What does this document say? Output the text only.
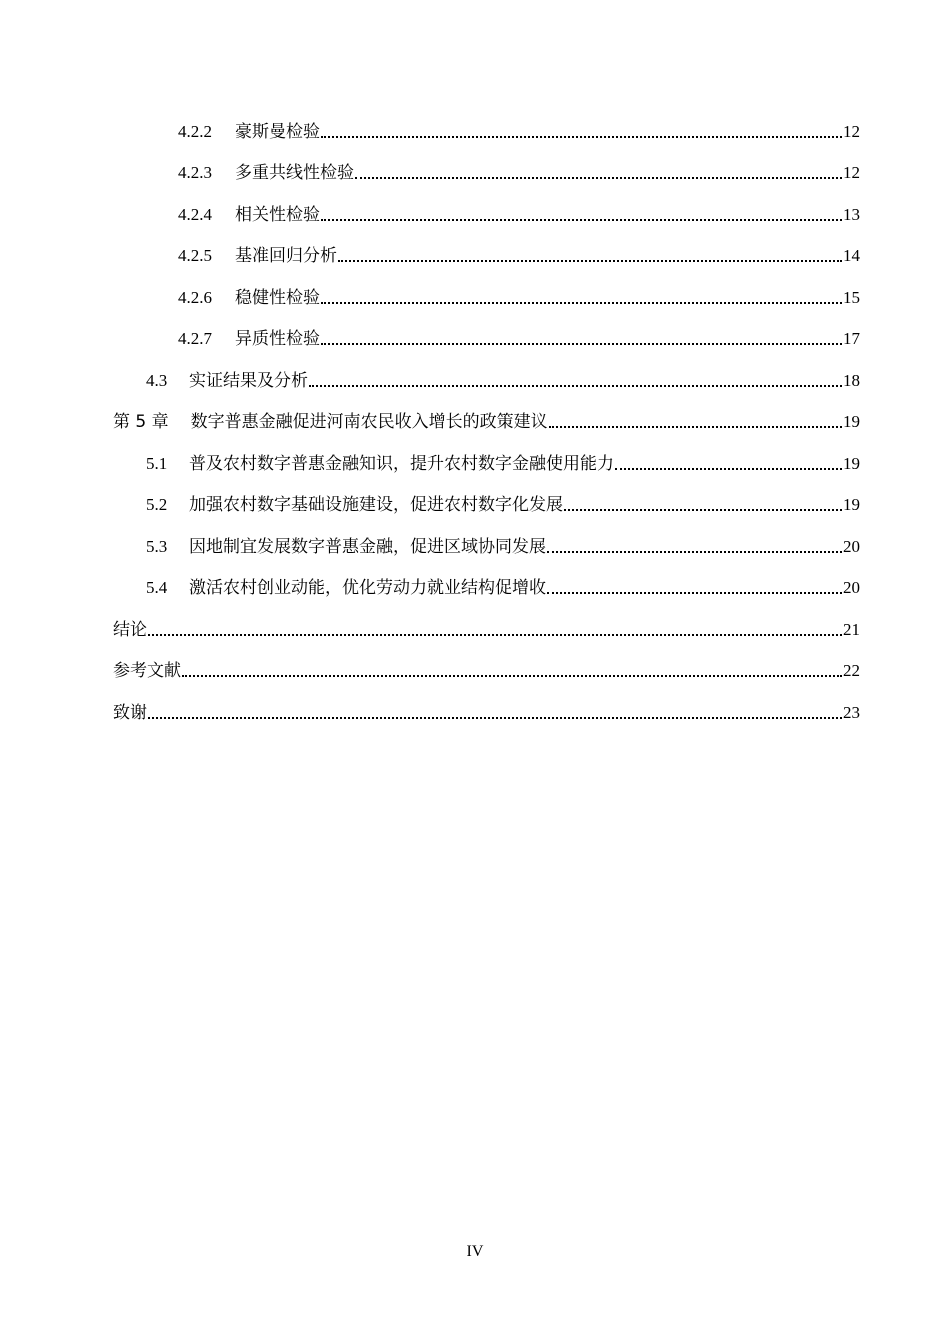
4.2.2	豪斯曼检验	12
4.2.3	多重共线性检验	12
4.2.4	相关性检验	13
4.2.5	基准回归分析	14
4.2.6	稳健性检验	15
4.2.7	异质性检验	17
4.3	实证结果及分析	18
第 5 章 数字普惠金融促进河南农民收入增长的政策建议	19
5.1	普及农村数字普惠金融知识，提升农村数字金融使用能力	19
5.2	加强农村数字基础设施建设，促进农村数字化发展	19
5.3	因地制宜发展数字普惠金融，促进区域协同发展	20
5.4	激活农村创业动能，优化劳动力就业结构促增收	20
结论	21
参考文献	22
致谢	23
IV
